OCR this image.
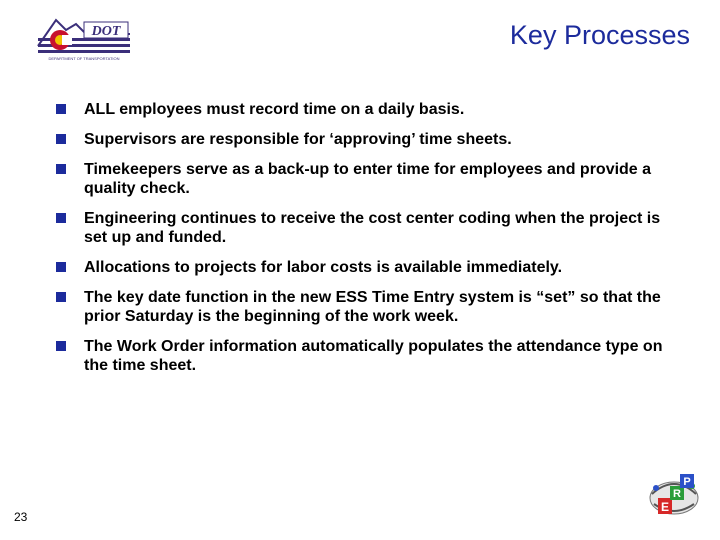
DOT
DEPARTMENT OF TRANSPORTATION
Key Processes
ALL employees must record time on a daily basis.
Supervisors are responsible for ‘approving’ time sheets.
Timekeepers serve as a back-up to enter time for employees and provide a quality check.
Engineering continues to receive the cost center coding when the project is set up and funded.
Allocations to projects for labor costs is available immediately.
The key date function in the new ESS Time Entry system is “set” so that the prior Saturday is the beginning of the work week.
The Work Order information automatically populates the attendance type on the time sheet.
23
E
R
P
